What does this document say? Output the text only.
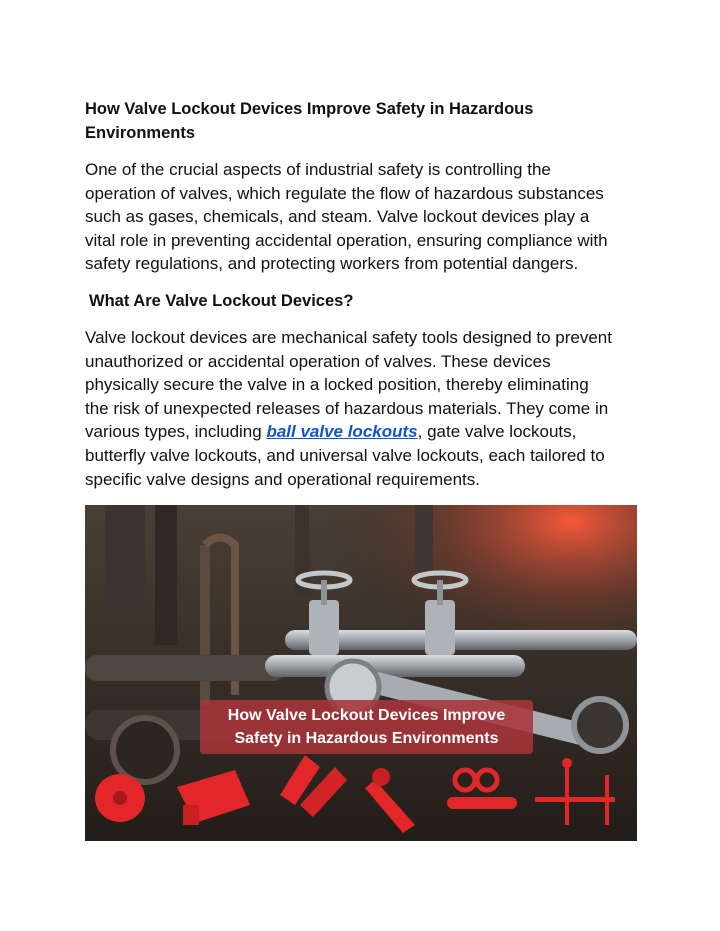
How Valve Lockout Devices Improve Safety in Hazardous
Environments
One of the crucial aspects of industrial safety is controlling the
operation of valves, which regulate the flow of hazardous substances
such as gases, chemicals, and steam. Valve lockout devices play a
vital role in preventing accidental operation, ensuring compliance with
safety regulations, and protecting workers from potential dangers.
What Are Valve Lockout Devices?
Valve lockout devices are mechanical safety tools designed to prevent
unauthorized or accidental operation of valves. These devices
physically secure the valve in a locked position, thereby eliminating
the risk of unexpected releases of hazardous materials. They come in
various types, including ball valve lockouts, gate valve lockouts,
butterfly valve lockouts, and universal valve lockouts, each tailored to
specific valve designs and operational requirements.
How Valve Lockout Devices Improve
Safety in Hazardous Environments
